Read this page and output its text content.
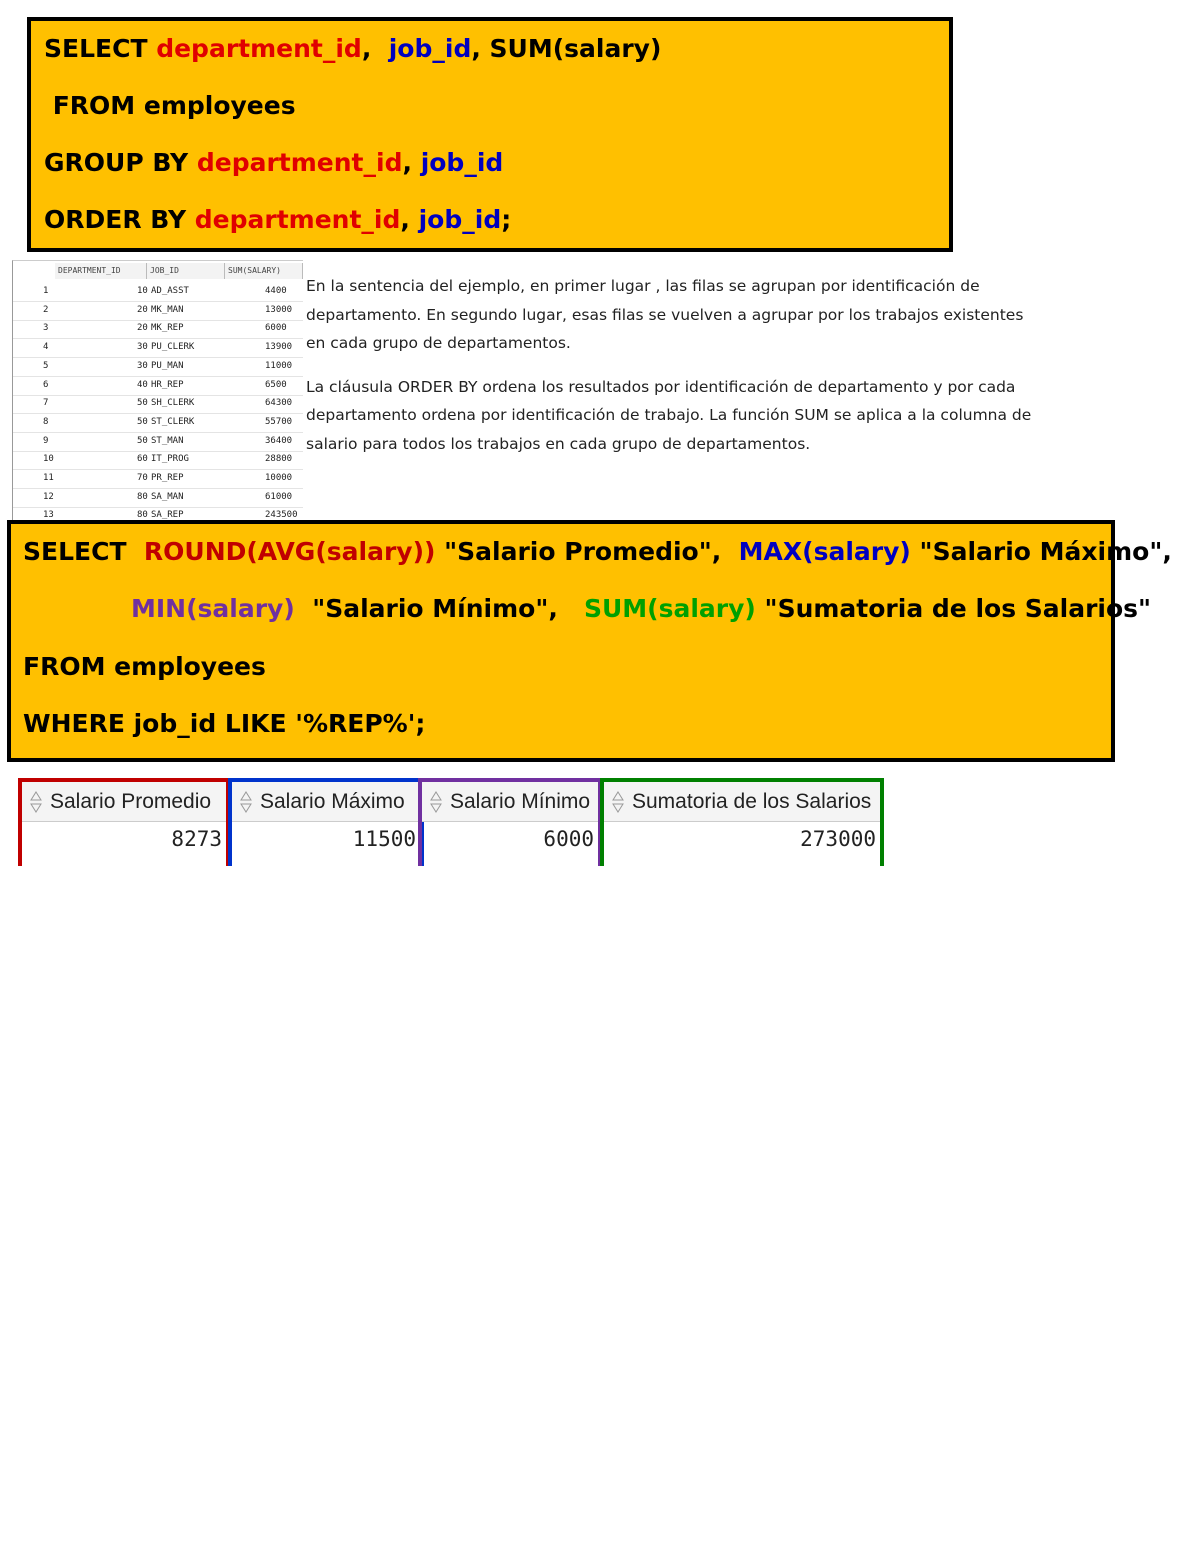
SELECT department_id,  job_id, SUM(salary)
FROM employees
GROUP BY department_id, job_id
ORDER BY department_id, job_id;
DEPARTMENT_ID	JOB_ID	SUM(SALARY)
1	10 AD_ASST	4400
2	20 MK_MAN	13000
3	20 MK_REP	6000
4	30 PU_CLERK	13900
5	30 PU_MAN	11000
6	40 HR_REP	6500
7	50 SH_CLERK	64300
8	50 ST_CLERK	55700
9	50 ST_MAN	36400
10	60 IT_PROG	28800
11	70 PR_REP	10000
12	80 SA_MAN	61000
13	80 SA_REP	243500

En la sentencia del ejemplo, en primer lugar , las filas se agrupan por identificación de departamento. En segundo lugar, esas filas se vuelven a agrupar por los trabajos existentes en cada grupo de departamentos.

La cláusula ORDER BY ordena los resultados por identificación de departamento y por cada departamento ordena por identificación de trabajo. La función SUM se aplica a la columna de salario para todos los trabajos en cada grupo de departamentos.

SELECT  ROUND(AVG(salary)) "Salario Promedio",  MAX(salary) "Salario Máximo",
MIN(salary)  "Salario Mínimo",   SUM(salary) "Sumatoria de los Salarios"
FROM employees
WHERE job_id LIKE '%REP%';
Salario Promedio
8273
Salario Máximo
11500
Salario Mínimo
6000
Sumatoria de los Salarios
273000
